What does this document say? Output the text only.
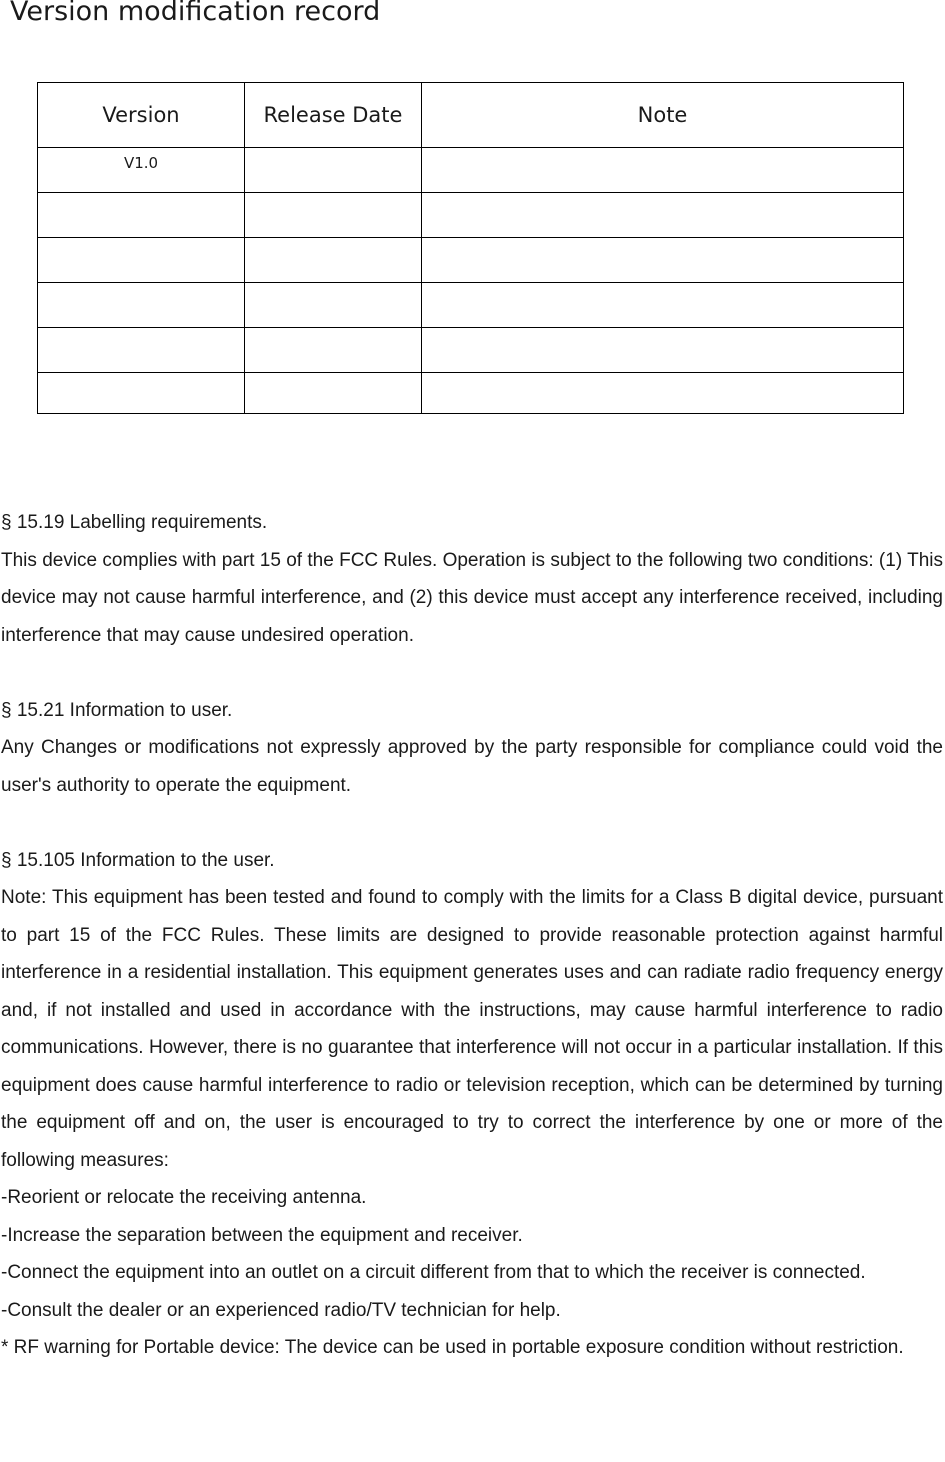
Version modification record
Version	Release Date	Note
V1.0		

§ 15.19 Labelling requirements.

This device complies with part 15 of the FCC Rules. Operation is subject to the following two conditions: (1) This device may not cause harmful interference, and (2) this device must accept any interference received, including interference that may cause undesired operation.

§ 15.21 Information to user.

Any Changes or modifications not expressly approved by the party responsible for compliance could void the user's authority to operate the equipment.

§ 15.105 Information to the user.

Note: This equipment has been tested and found to comply with the limits for a Class B digital device, pursuant to part 15 of the FCC Rules. These limits are designed to provide reasonable protection against harmful interference in a residential installation. This equipment generates uses and can radiate radio frequency energy and, if not installed and used in accordance with the instructions, may cause harmful interference to radio communications. However, there is no guarantee that interference will not occur in a particular installation. If this equipment does cause harmful interference to radio or television reception, which can be determined by turning the equipment off and on, the user is encouraged to try to correct the interference by one or more of the following measures:

-Reorient or relocate the receiving antenna.

-Increase the separation between the equipment and receiver.

-Connect the equipment into an outlet on a circuit different from that to which the receiver is connected.

-Consult the dealer or an experienced radio/TV technician for help.

* RF warning for Portable device: The device can be used in portable exposure condition without restriction.
